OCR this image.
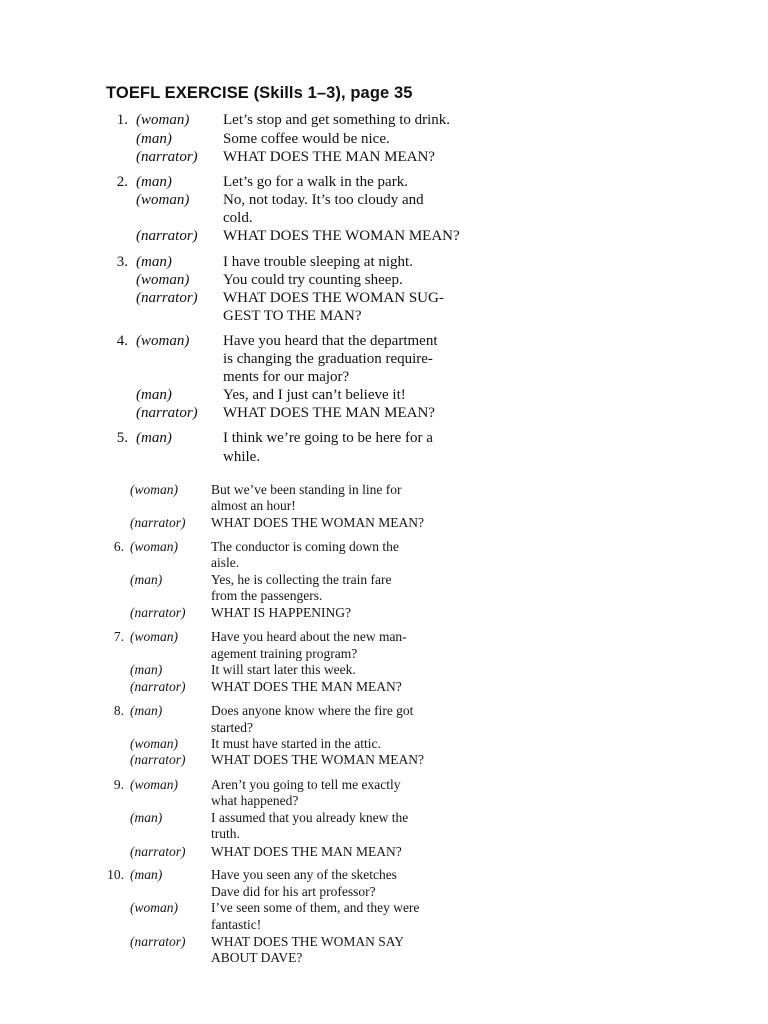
TOEFL EXERCISE (Skills 1–3), page 35
1. (woman) Let’s stop and get something to drink.
(man)	Some coffee would be nice.
(narrator) WHAT DOES THE MAN MEAN?
2. (man)	Let’s go for a walk in the park.
(woman) No, not today. It’s too cloudy and
cold.
(narrator) WHAT DOES THE WOMAN MEAN?
3. (man)	I have trouble sleeping at night.
(woman) You could try counting sheep.
(narrator) WHAT DOES THE WOMAN SUG-
GEST TO THE MAN?
4. (woman) Have you heard that the department
is changing the graduation require-
ments for our major?
(man)	Yes, and I just can’t believe it!
(narrator) WHAT DOES THE MAN MEAN?
5. (man)	I think we’re going to be here for a
while.
(woman) But we’ve been standing in line for
almost an hour!
(narrator) WHAT DOES THE WOMAN MEAN?
6. (woman) The conductor is coming down the
aisle.
(man)	Yes, he is collecting the train fare
from the passengers.
(narrator) WHAT IS HAPPENING?
7. (woman) Have you heard about the new man-
agement training program?
(man)	It will start later this week.
(narrator) WHAT DOES THE MAN MEAN?
8. (man)	Does anyone know where the fire got
started?
(woman) It must have started in the attic.
(narrator) WHAT DOES THE WOMAN MEAN?
9. (woman) Aren’t you going to tell me exactly
what happened?
(man)	I assumed that you already knew the
truth.
(narrator) WHAT DOES THE MAN MEAN?
10. (man)	Have you seen any of the sketches
Dave did for his art professor?
(woman) I’ve seen some of them, and they were
fantastic!
(narrator) WHAT DOES THE WOMAN SAY
ABOUT DAVE?
